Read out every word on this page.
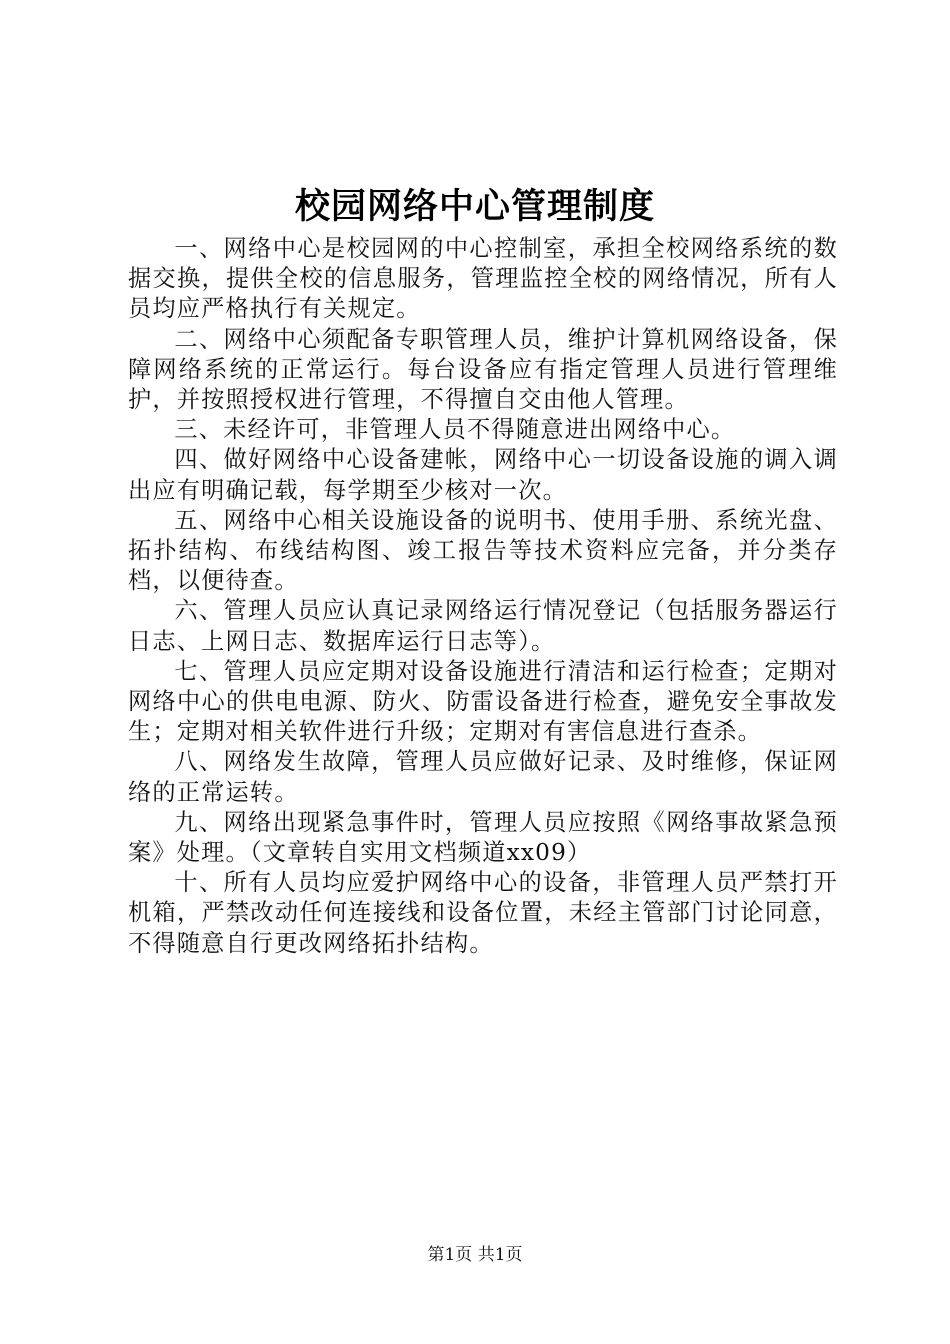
校园网络中心管理制度

一、网络中心是校园网的中心控制室，承担全校网络系统的数据交换，提供全校的信息服务，管理监控全校的网络情况，所有人员均应严格执行有关规定。

二、网络中心须配备专职管理人员，维护计算机网络设备，保障网络系统的正常运行。每台设备应有指定管理人员进行管理维护，并按照授权进行管理，不得擅自交由他人管理。

三、未经许可，非管理人员不得随意进出网络中心。

四、做好网络中心设备建帐，网络中心一切设备设施的调入调出应有明确记载，每学期至少核对一次。

五、网络中心相关设施设备的说明书、使用手册、系统光盘、拓扑结构、布线结构图、竣工报告等技术资料应完备，并分类存档，以便待查。

六、管理人员应认真记录网络运行情况登记（包括服务器运行日志、上网日志、数据库运行日志等）。

七、管理人员应定期对设备设施进行清洁和运行检查；定期对网络中心的供电电源、防火、防雷设备进行检查，避免安全事故发生；定期对相关软件进行升级；定期对有害信息进行查杀。

八、网络发生故障，管理人员应做好记录、及时维修，保证网络的正常运转。

九、网络出现紧急事件时，管理人员应按照《网络事故紧急预案》处理。（文章转自实用文档频道xx09）

十、所有人员均应爱护网络中心的设备，非管理人员严禁打开机箱，严禁改动任何连接线和设备位置，未经主管部门讨论同意，不得随意自行更改网络拓扑结构。

第1页 共1页
